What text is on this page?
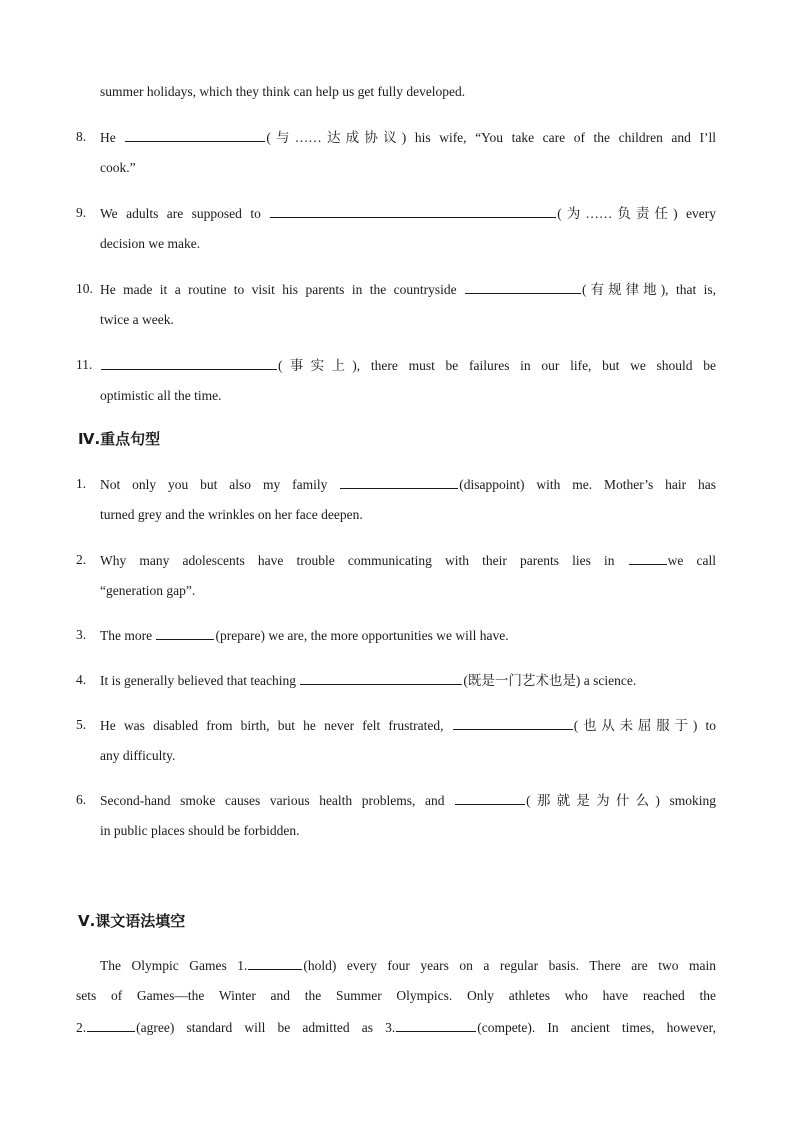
summer holidays, which they think can help us get fully developed.
8. He	(与……达成协议) his wife, “You take care of the children and I’ll
cook.”
9. We adults are supposed to	(为……负责任) every
decision we make.
10. He made it a routine to visit his parents in the countryside	(有规律地), that is,
twice a week.
11.	(事实上), there must be failures in our life, but we should be
optimistic all the time.
Ⅳ.重点句型
1. Not only you but also my family	(disappoint) with me. Mother’s hair has
turned grey and the wrinkles on her face deepen.
2. Why many adolescents have trouble communicating with their parents lies in	we call
“generation gap”.
3. The more	(prepare) we are, the more opportunities we will have.
4. It is generally believed that teaching	(既是一门艺术也是) a science.
5. He was disabled from birth, but he never felt frustrated,	(也从未屈服于) to
any difficulty.
6. Second-hand smoke causes various health problems, and	(那就是为什么) smoking
in public places should be forbidden.
Ⅴ.课文语法填空
The Olympic Games 1.	(hold) every four years on a regular basis. There are two main
sets of Games—the Winter and the Summer Olympics. Only athletes who have reached the
2.	(agree) standard will be admitted as 3.	(compete). In ancient times, however,
